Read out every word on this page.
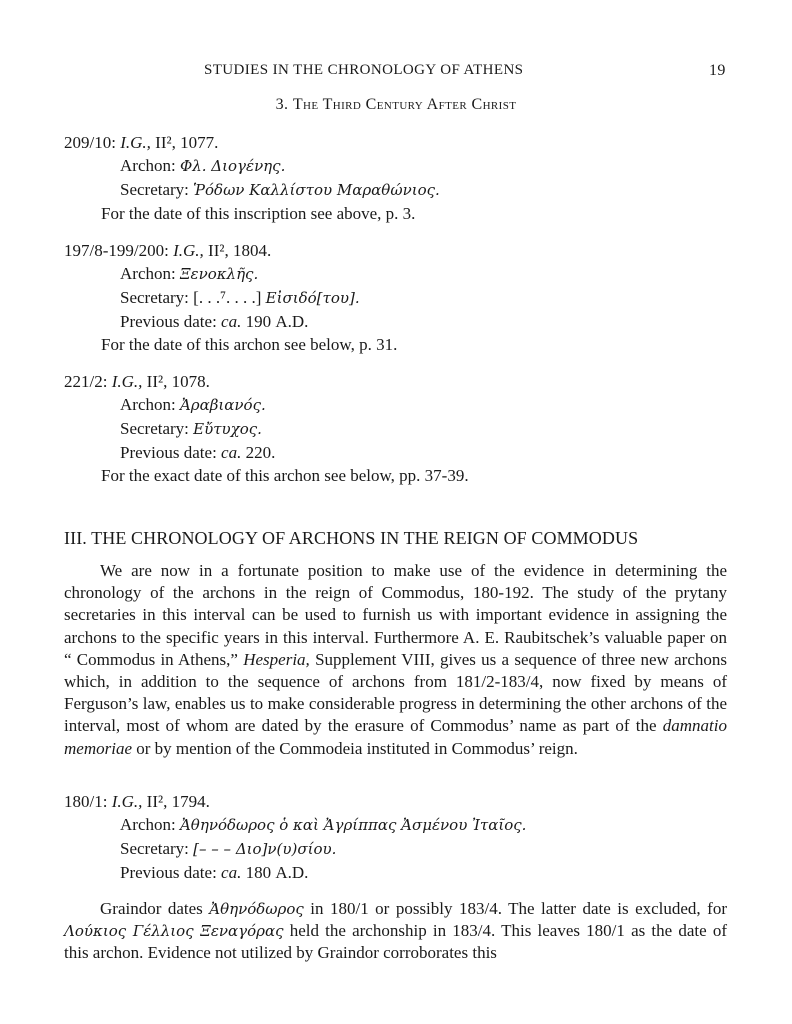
STUDIES IN THE CHRONOLOGY OF ATHENS	19
3. The Third Century After Christ

209/10: I.G., II², 1077.

Archon: Φλ. Διογένης.

Secretary: Ῥόδων Καλλίστου Μαραθώνιος.

For the date of this inscription see above, p. 3.

197/8-199/200: I.G., II², 1804.

Archon: Ξενοκλῆς.

Secretary: [. . .⁷. . . .] Εἰσιδό[του].

Previous date: ca. 190 A.D.

For the date of this archon see below, p. 31.

221/2: I.G., II², 1078.

Archon: Ἀραβιανός.

Secretary: Εὔτυχος.

Previous date: ca. 220.

For the exact date of this archon see below, pp. 37-39.

III. THE CHRONOLOGY OF ARCHONS IN THE REIGN OF COMMODUS

We are now in a fortunate position to make use of the evidence in determining the chronology of the archons in the reign of Commodus, 180-192. The study of the prytany secretaries in this interval can be used to furnish us with important evidence in assigning the archons to the specific years in this interval. Furthermore A. E. Raubitschek’s valuable paper on “ Commodus in Athens,” Hesperia, Supplement VIII, gives us a sequence of three new archons which, in addition to the sequence of archons from 181/2-183/4, now fixed by means of Ferguson’s law, enables us to make considerable progress in determining the other archons of the interval, most of whom are dated by the erasure of Commodus’ name as part of the damnatio memoriae or by mention of the Commodeia instituted in Commodus’ reign.

180/1: I.G., II², 1794.

Archon: Ἀθηνόδωρος ὁ καὶ Ἀγρίππας Ἀσμένου Ἰταῖος.

Secretary: [– – – Διο]ν(υ)σίου.

Previous date: ca. 180 A.D.

Graindor dates Ἀθηνόδωρος in 180/1 or possibly 183/4. The latter date is excluded, for Λούκιος Γέλλιος Ξεναγόρας held the archonship in 183/4. This leaves 180/1 as the date of this archon. Evidence not utilized by Graindor corroborates this
